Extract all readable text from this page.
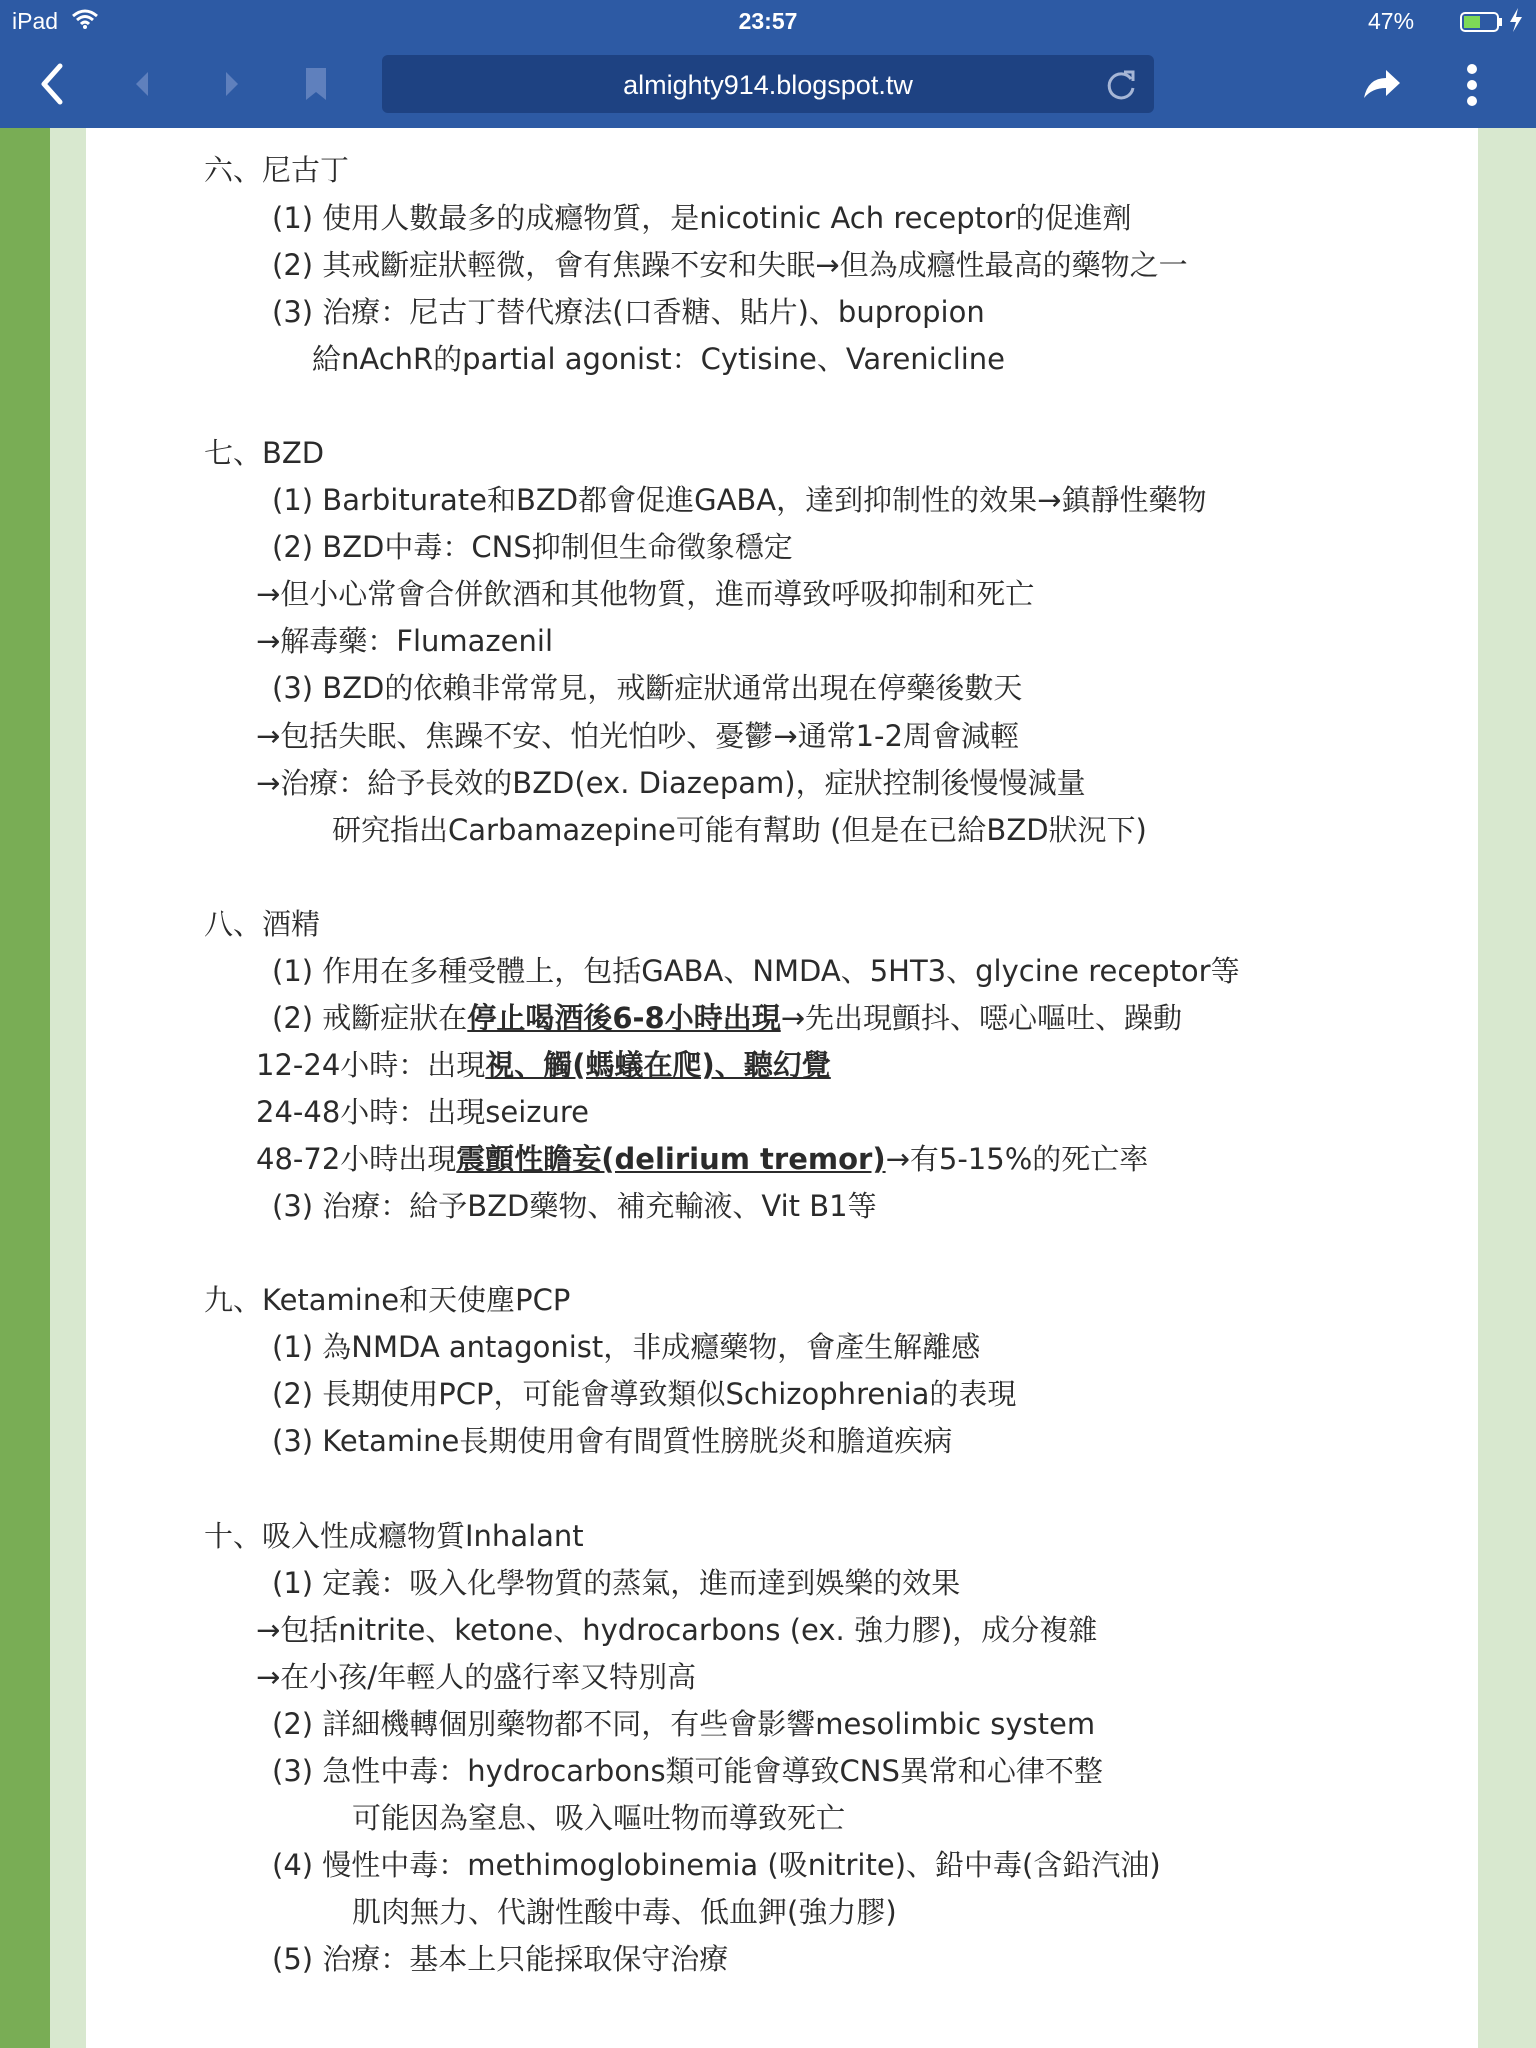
iPad	23:57	47%
almighty914.blogspot.tw
六、尼古丁
(1) 使用人數最多的成癮物質，是nicotinic Ach receptor的促進劑
(2) 其戒斷症狀輕微，會有焦躁不安和失眠→但為成癮性最高的藥物之一
(3) 治療：尼古丁替代療法(口香糖、貼片)、bupropion
給nAchR的partial agonist：Cytisine、Varenicline
七、BZD
(1) Barbiturate和BZD都會促進GABA，達到抑制性的效果→鎮靜性藥物
(2) BZD中毒：CNS抑制但生命徵象穩定
→但小心常會合併飲酒和其他物質，進而導致呼吸抑制和死亡
→解毒藥：Flumazenil
(3) BZD的依賴非常常見，戒斷症狀通常出現在停藥後數天
→包括失眠、焦躁不安、怕光怕吵、憂鬱→通常1-2周會減輕
→治療：給予長效的BZD(ex. Diazepam)，症狀控制後慢慢減量
研究指出Carbamazepine可能有幫助 (但是在已給BZD狀況下)
八、酒精
(1) 作用在多種受體上，包括GABA、NMDA、5HT3、glycine receptor等
(2) 戒斷症狀在停止喝酒後6-8小時出現→先出現顫抖、噁心嘔吐、躁動
12-24小時：出現視、觸(螞蟻在爬)、聽幻覺
24-48小時：出現seizure
48-72小時出現震顫性瞻妄(delirium tremor)→有5-15%的死亡率
(3) 治療：給予BZD藥物、補充輸液、Vit B1等
九、Ketamine和天使塵PCP
(1) 為NMDA antagonist，非成癮藥物，會產生解離感
(2) 長期使用PCP，可能會導致類似Schizophrenia的表現
(3) Ketamine長期使用會有間質性膀胱炎和膽道疾病
十、吸入性成癮物質Inhalant
(1) 定義：吸入化學物質的蒸氣，進而達到娛樂的效果
→包括nitrite、ketone、hydrocarbons (ex. 強力膠)，成分複雜
→在小孩/年輕人的盛行率又特別高
(2) 詳細機轉個別藥物都不同，有些會影響mesolimbic system
(3) 急性中毒：hydrocarbons類可能會導致CNS異常和心律不整
可能因為窒息、吸入嘔吐物而導致死亡
(4) 慢性中毒：methimoglobinemia (吸nitrite)、鉛中毒(含鉛汽油)
肌肉無力、代謝性酸中毒、低血鉀(強力膠)
(5) 治療：基本上只能採取保守治療
